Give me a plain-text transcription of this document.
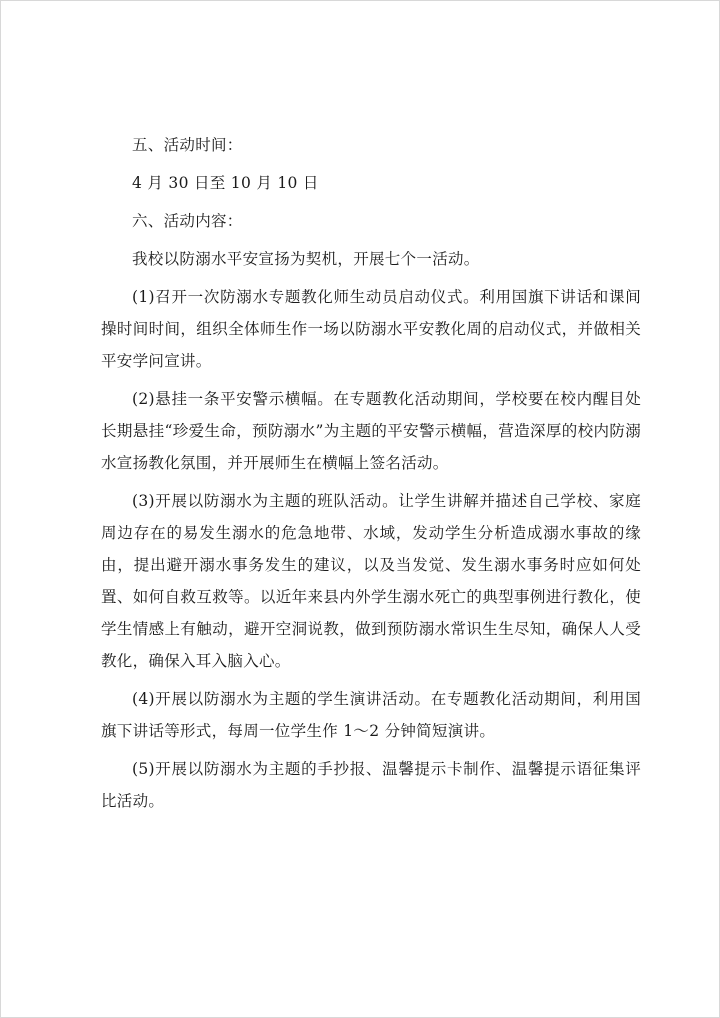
五、活动时间：

4 月 30 日至 10 月 10 日

六、活动内容：

我校以防溺水平安宣扬为契机，开展七个一活动。

(1)召开一次防溺水专题教化师生动员启动仪式。利用国旗下讲话和课间操时间时间，组织全体师生作一场以防溺水平安教化周的启动仪式，并做相关平安学问宣讲。

(2)悬挂一条平安警示横幅。在专题教化活动期间，学校要在校内醒目处长期悬挂“珍爱生命，预防溺水”为主题的平安警示横幅，营造深厚的校内防溺水宣扬教化氛围，并开展师生在横幅上签名活动。

(3)开展以防溺水为主题的班队活动。让学生讲解并描述自己学校、家庭周边存在的易发生溺水的危急地带、水域，发动学生分析造成溺水事故的缘由，提出避开溺水事务发生的建议，以及当发觉、发生溺水事务时应如何处置、如何自救互救等。以近年来县内外学生溺水死亡的典型事例进行教化，使学生情感上有触动，避开空洞说教，做到预防溺水常识生生尽知，确保人人受教化，确保入耳入脑入心。

(4)开展以防溺水为主题的学生演讲活动。在专题教化活动期间，利用国旗下讲话等形式，每周一位学生作 1～2 分钟简短演讲。

(5)开展以防溺水为主题的手抄报、温馨提示卡制作、温馨提示语征集评比活动。
